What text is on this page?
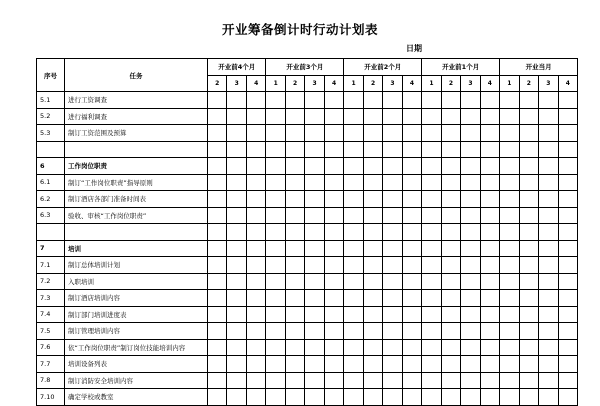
开业筹备倒计时行动计划表
日期
序号	任务	开业前4个月			开业前3个月				开业前2个月				开业前1个月				开业当月			
		2	3	4	1	2	3	4	1	2	3	4	1	2	3	4	1	2	3	4
5.1	进行工资调查																			
5.2	进行福利调查																			
5.3	制订工资范围及预算																			

6	工作岗位职责																			
6.1	制订“工作岗位职责”指导原则																			
6.2	制订酒店各部门准备时间表																			
6.3	验收、审核“工作岗位职责”																			

7	培训																			
7.1	制订总体培训计划																			
7.2	入职培训																			
7.3	制订酒店培训内容																			
7.4	制订部门培训进度表																			
7.5	制订管理培训内容																			
7.6	依“工作岗位职责”制订岗位技能培训内容																			
7.7	培训设备列表																			
7.8	制订消防安全培训内容																			
7.10	确定学校或教室																			
